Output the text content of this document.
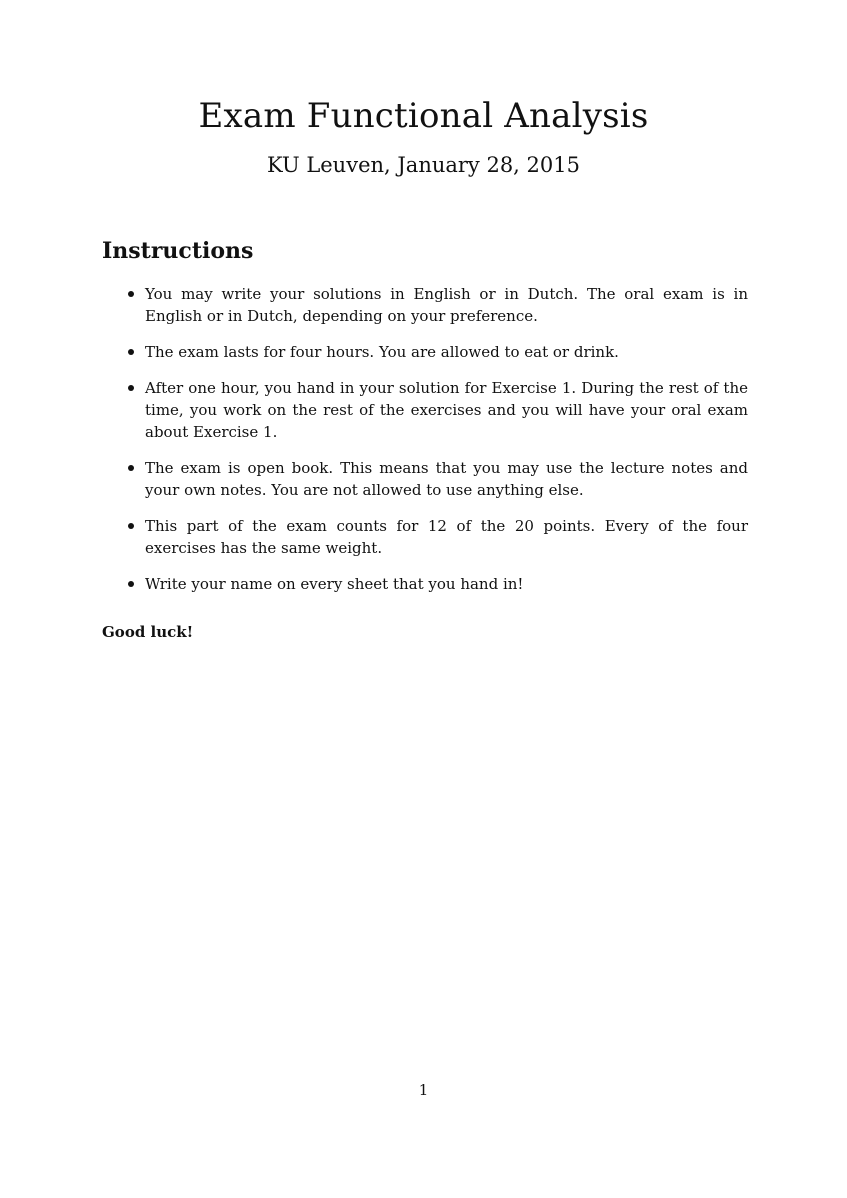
Exam Functional Analysis

KU Leuven, January 28, 2015

Instructions
You may write your solutions in English or in Dutch. The oral exam is in English or in Dutch, depending on your preference.
The exam lasts for four hours. You are allowed to eat or drink.
After one hour, you hand in your solution for Exercise 1. During the rest of the time, you work on the rest of the exercises and you will have your oral exam about Exercise 1.
The exam is open book. This means that you may use the lecture notes and your own notes. You are not allowed to use anything else.
This part of the exam counts for 12 of the 20 points. Every of the four exercises has the same weight.
Write your name on every sheet that you hand in!

Good luck!

1
